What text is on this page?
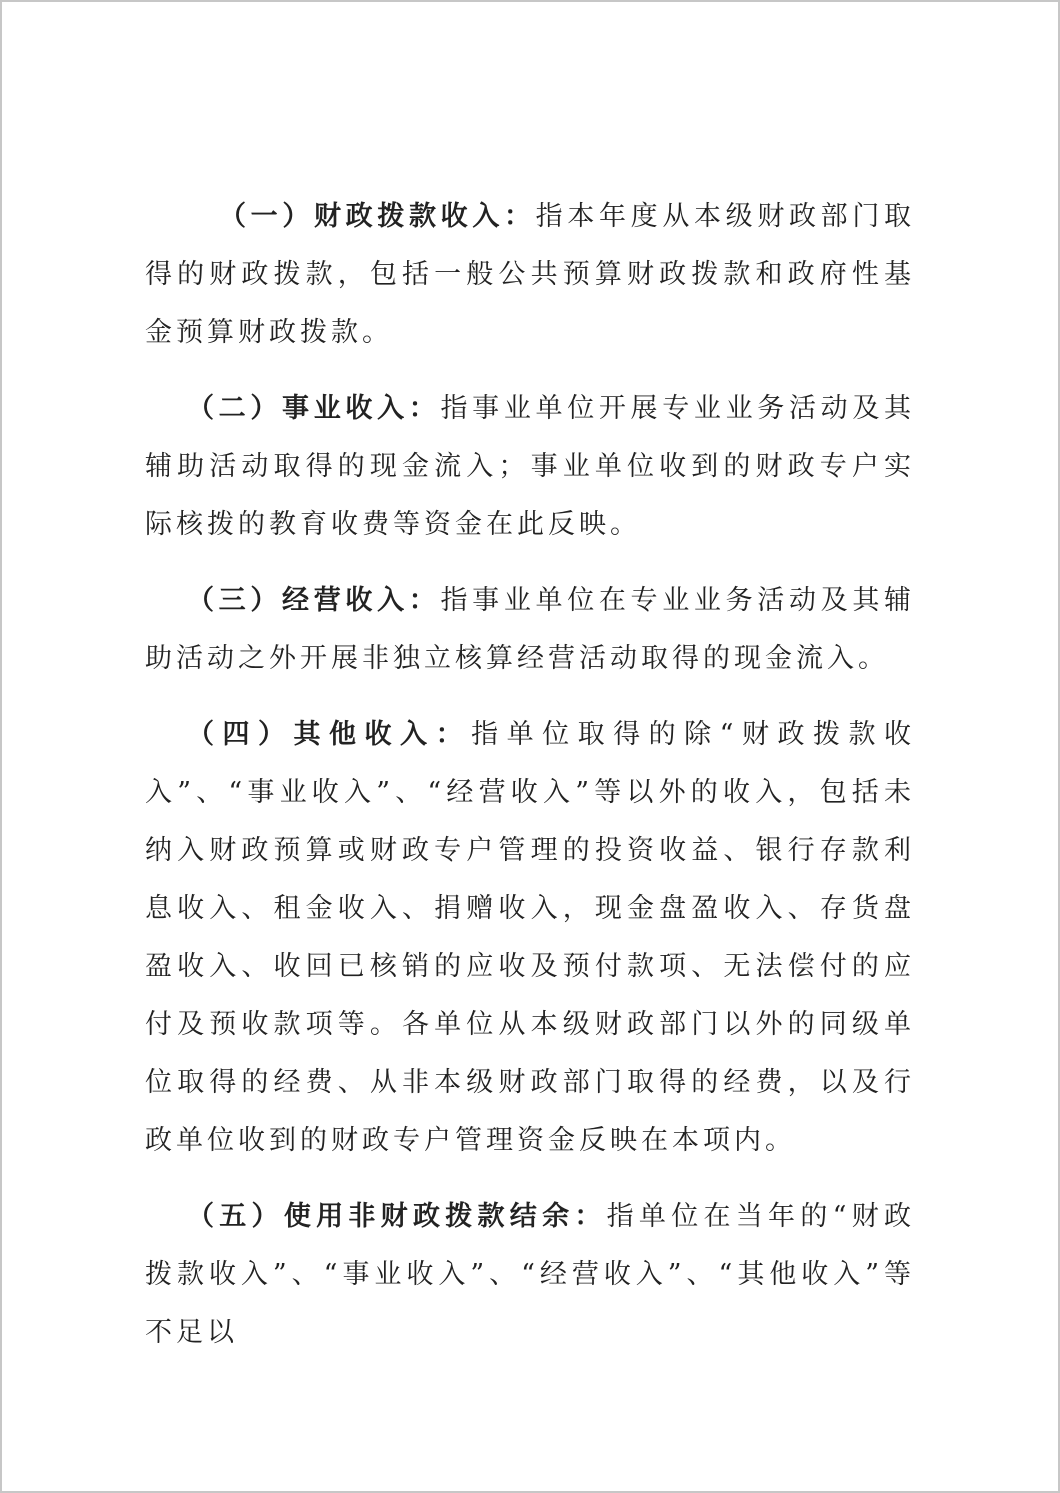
（一）财政拨款收入：指本年度从本级财政部门取得的财政拨款，包括一般公共预算财政拨款和政府性基金预算财政拨款。

（二）事业收入：指事业单位开展专业业务活动及其辅助活动取得的现金流入；事业单位收到的财政专户实际核拨的教育收费等资金在此反映。

（三）经营收入：指事业单位在专业业务活动及其辅助活动之外开展非独立核算经营活动取得的现金流入。

（四）其他收入：指单位取得的除“财政拨款收入”、“事业收入”、“经营收入”等以外的收入，包括未纳入财政预算或财政专户管理的投资收益、银行存款利息收入、租金收入、捐赠收入，现金盘盈收入、存货盘盈收入、收回已核销的应收及预付款项、无法偿付的应付及预收款项等。各单位从本级财政部门以外的同级单位取得的经费、从非本级财政部门取得的经费，以及行政单位收到的财政专户管理资金反映在本项内。

（五）使用非财政拨款结余：指单位在当年的“财政拨款收入”、“事业收入”、“经营收入”、“其他收入”等不足以
